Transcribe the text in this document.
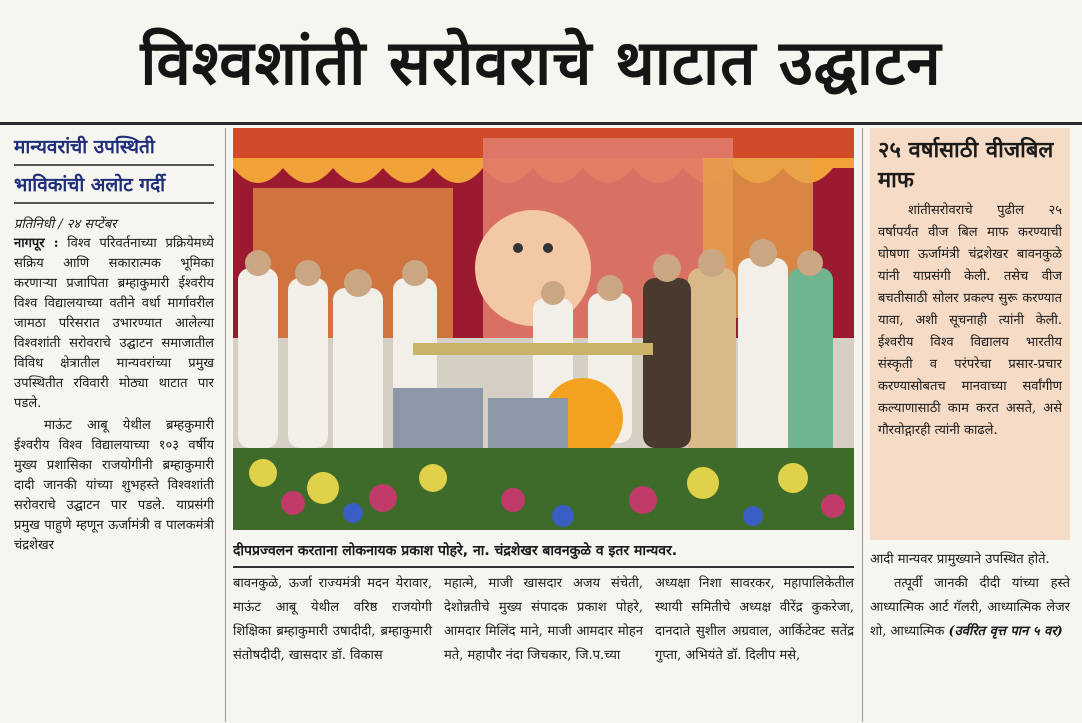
विश्वशांती सरोवराचे थाटात उद्घाटन
मान्यवरांची उपस्थिती
भाविकांची अलोट गर्दी
प्रतिनिधी / २४ सप्टेंबर

नागपूर : विश्व परिवर्तनाच्या प्रक्रियेमध्ये सक्रिय आणि सकारात्मक भूमिका करणाऱ्या प्रजापिता ब्रम्हाकुमारी ईश्वरीय विश्व विद्यालयाच्या वतीने वर्धा मार्गावरील जामठा परिसरात उभारण्यात आलेल्या विश्वशांती सरोवराचे उद्घाटन समाजातील विविध क्षेत्रातील मान्यवरांच्या प्रमुख उपस्थितीत रविवारी मोठ्या थाटात पार पडले.

माऊंट आबू येथील ब्रम्हकुमारी ईश्वरीय विश्व विद्यालयाच्या १०३ वर्षीय मुख्य प्रशासिका राजयोगीनी ब्रम्हाकुमारी दादी जानकी यांच्या शुभहस्ते विश्वशांती सरोवराचे उद्घाटन पार पडले. याप्रसंगी प्रमुख पाहुणे म्हणून ऊर्जामंत्री व पालकमंत्री चंद्रशेखर	दीपप्रज्वलन करताना लोकनायक प्रकाश पोहरे, ना. चंद्रशेखर बावनकुळे व इतर मान्यवर.

बावनकुळे, ऊर्जा राज्यमंत्री मदन येरावार, माऊंट आबू येथील वरिष्ठ राजयोगी शिक्षिका ब्रम्हाकुमारी उषादीदी, ब्रम्हाकुमारी संतोषदीदी, खासदार डॉ. विकास

महात्मे, माजी खासदार अजय संचेती, देशोन्नतीचे मुख्य संपादक प्रकाश पोहरे, आमदार मिलिंद माने, माजी आमदार मोहन मते, महापौर नंदा जिचकार, जि.प.च्या

अध्यक्षा निशा सावरकर, महापालिकेतील स्थायी समितीचे अध्यक्ष वीरेंद्र कुकरेजा, दानदाते सुशील अग्रवाल, आर्किटेक्ट सतेंद्र गुप्ता, अभियंते डॉ. दिलीप मसे,

२५ वर्षासाठी वीजबिल माफ

शांतीसरोवराचे पुढील २५ वर्षापर्यंत वीज बिल माफ करण्याची घोषणा ऊर्जामंत्री चंद्रशेखर बावनकुळे यांनी याप्रसंगी केली. तसेच वीज बचतीसाठी सोलर प्रकल्प सुरू करण्यात यावा, अशी सूचनाही त्यांनी केली. ईश्वरीय विश्व विद्यालय भारतीय संस्कृती व परंपरेचा प्रसार-प्रचार करण्यासोबतच मानवाच्या सर्वांगीण कल्याणासाठी काम करत असते, असे गौरवोद्गारही त्यांनी काढले.

आदी मान्यवर प्रामुख्याने उपस्थित होते.

तत्पूर्वी जानकी दीदी यांच्या हस्ते आध्यात्मिक आर्ट गॅलरी, आध्यात्मिक लेजर शो, आध्यात्मिक (उर्वरित वृत्त पान ५ वर)
